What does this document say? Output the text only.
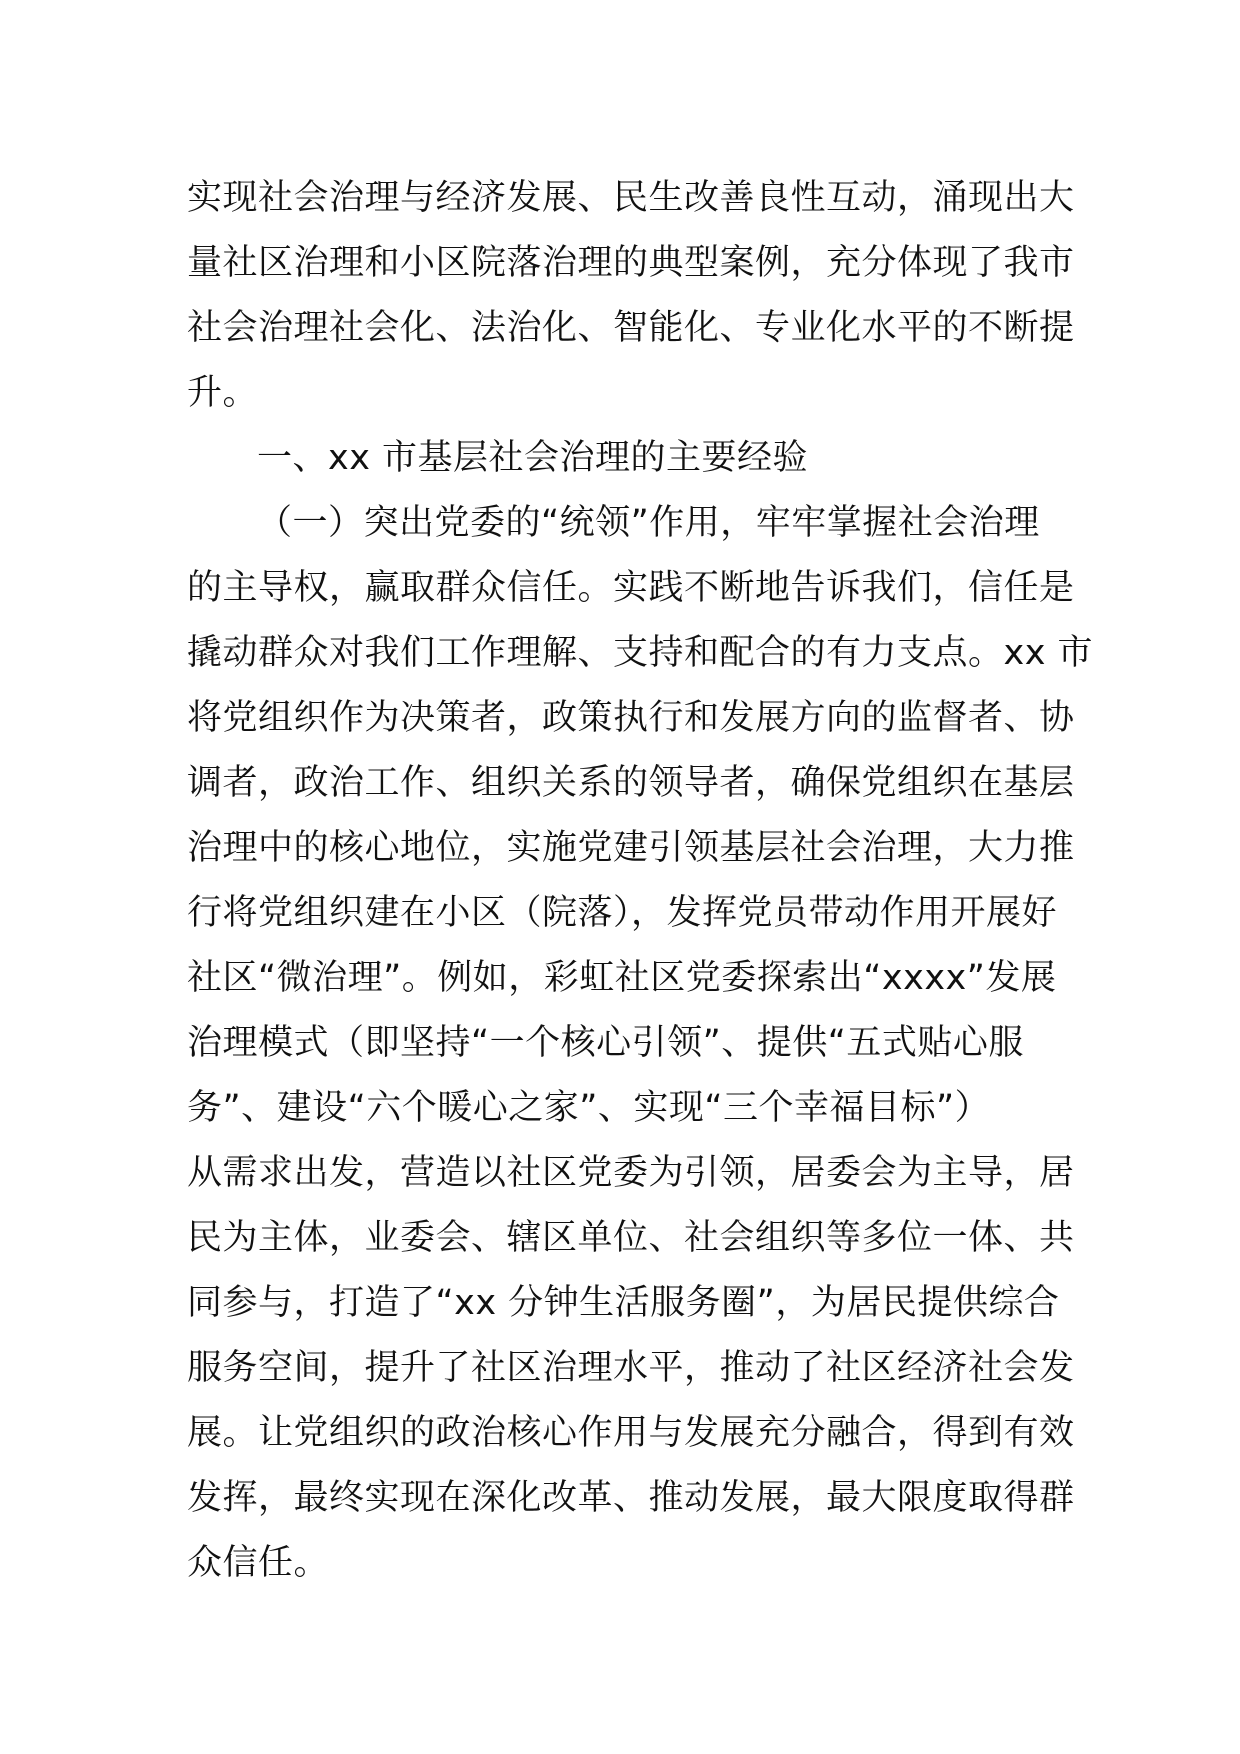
实现社会治理与经济发展、民生改善良性互动，涌现出大
量社区治理和小区院落治理的典型案例，充分体现了我市
社会治理社会化、法治化、智能化、专业化水平的不断提
升。
一、xx 市基层社会治理的主要经验
（一）突出党委的“统领”作用，牢牢掌握社会治理
的主导权，赢取群众信任。实践不断地告诉我们，信任是
撬动群众对我们工作理解、支持和配合的有力支点。xx 市
将党组织作为决策者，政策执行和发展方向的监督者、协
调者，政治工作、组织关系的领导者，确保党组织在基层
治理中的核心地位，实施党建引领基层社会治理，大力推
行将党组织建在小区（院落），发挥党员带动作用开展好
社区“微治理”。例如，彩虹社区党委探索出“xxxx”发展
治理模式（即坚持“一个核心引领”、提供“五式贴心服
务”、建设“六个暖心之家”、实现“三个幸福目标”）
从需求出发，营造以社区党委为引领，居委会为主导，居
民为主体，业委会、辖区单位、社会组织等多位一体、共
同参与，打造了“xx 分钟生活服务圈”，为居民提供综合
服务空间，提升了社区治理水平，推动了社区经济社会发
展。让党组织的政治核心作用与发展充分融合，得到有效
发挥，最终实现在深化改革、推动发展，最大限度取得群
众信任。
